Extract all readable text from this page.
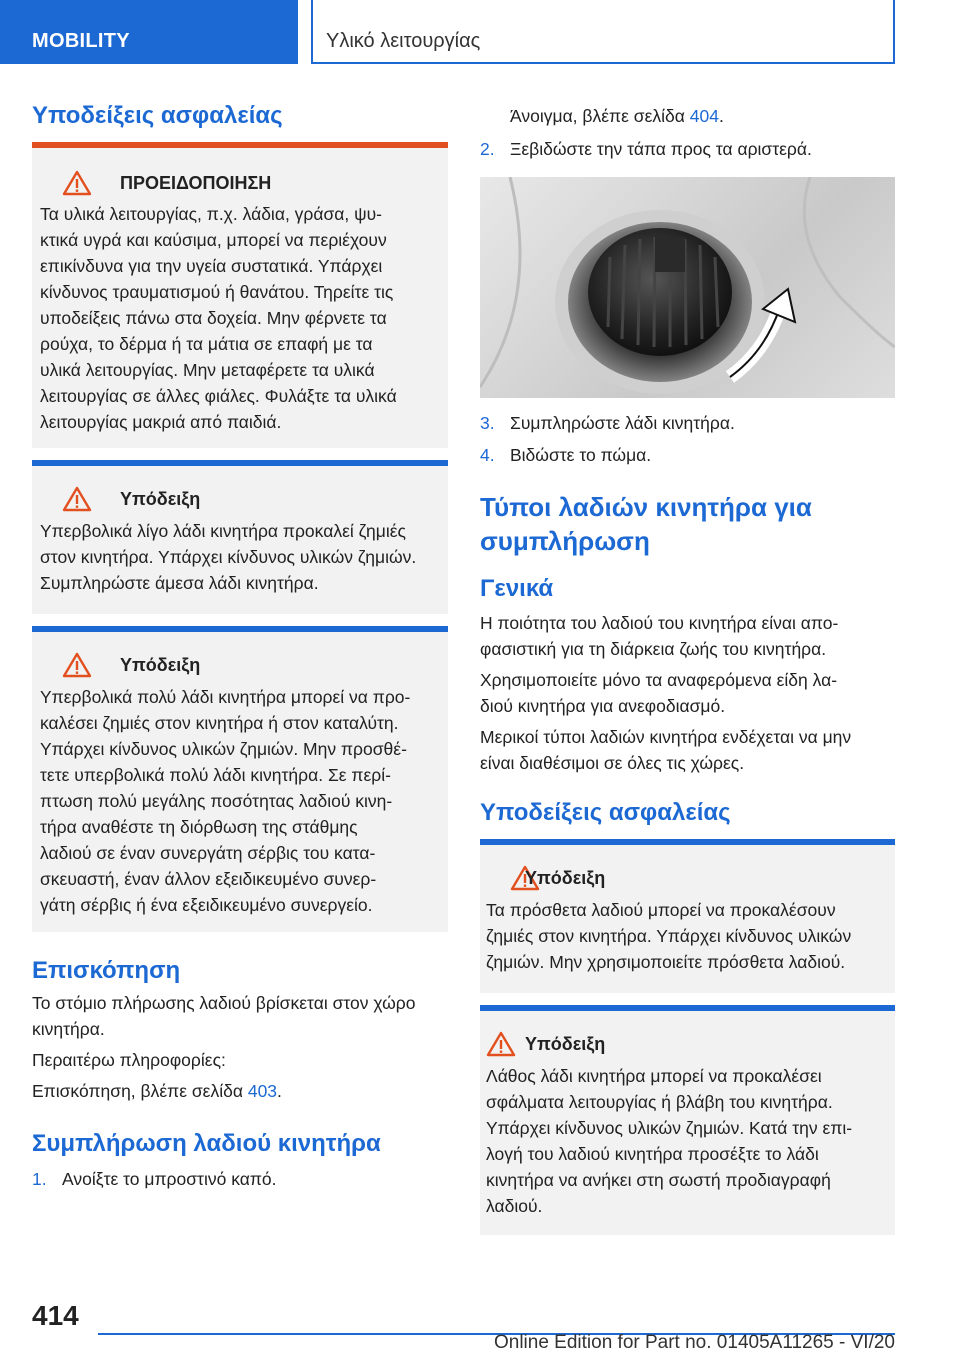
MOBILITY	Υλικό λειτουργίας
Υποδείξεις ασφαλείας
ΠΡΟΕΙΔΟΠΟΙΗΣΗ
Τα υλικά λειτουργίας, π.χ. λάδια, γράσα, ψυ-
κτικά υγρά και καύσιμα, μπορεί να περιέχουν
επικίνδυνα για την υγεία συστατικά. Υπάρχει
κίνδυνος τραυματισμού ή θανάτου. Τηρείτε τις
υποδείξεις πάνω στα δοχεία. Μην φέρνετε τα
ρούχα, το δέρμα ή τα μάτια σε επαφή με τα
υλικά λειτουργίας. Μην μεταφέρετε τα υλικά
λειτουργίας σε άλλες φιάλες. Φυλάξτε τα υλικά
λειτουργίας μακριά από παιδιά.
Υπόδειξη
Υπερβολικά λίγο λάδι κινητήρα προκαλεί ζημιές
στον κινητήρα. Υπάρχει κίνδυνος υλικών ζημιών.
Συμπληρώστε άμεσα λάδι κινητήρα.
Υπόδειξη
Υπερβολικά πολύ λάδι κινητήρα μπορεί να προ-
καλέσει ζημιές στον κινητήρα ή στον καταλύτη.
Υπάρχει κίνδυνος υλικών ζημιών. Μην προσθέ-
τετε υπερβολικά πολύ λάδι κινητήρα. Σε περί-
πτωση πολύ μεγάλης ποσότητας λαδιού κινη-
τήρα αναθέστε τη διόρθωση της στάθμης
λαδιού σε έναν συνεργάτη σέρβις του κατα-
σκευαστή, έναν άλλον εξειδικευμένο συνερ-
γάτη σέρβις ή ένα εξειδικευμένο συνεργείο.
Επισκόπηση
Το στόμιο πλήρωσης λαδιού βρίσκεται στον χώρο
κινητήρα.
Περαιτέρω πληροφορίες:
Επισκόπηση, βλέπε σελίδα 403.
Συμπλήρωση λαδιού κινητήρα
1. Ανοίξτε το μπροστινό καπό.
Άνοιγμα, βλέπε σελίδα 404.
2. Ξεβιδώστε την τάπα προς τα αριστερά.
3. Συμπληρώστε λάδι κινητήρα.
4. Βιδώστε το πώμα.
Τύποι λαδιών κινητήρα για
συμπλήρωση
Γενικά
Η ποιότητα του λαδιού του κινητήρα είναι απο-
φασιστική για τη διάρκεια ζωής του κινητήρα.
Χρησιμοποιείτε μόνο τα αναφερόμενα είδη λα-
διού κινητήρα για ανεφοδιασμό.
Μερικοί τύποι λαδιών κινητήρα ενδέχεται να μην
είναι διαθέσιμοι σε όλες τις χώρες.
Υποδείξεις ασφαλείας
Υπόδειξη
Τα πρόσθετα λαδιού μπορεί να προκαλέσουν
ζημιές στον κινητήρα. Υπάρχει κίνδυνος υλικών
ζημιών. Μην χρησιμοποιείτε πρόσθετα λαδιού.
Υπόδειξη
Λάθος λάδι κινητήρα μπορεί να προκαλέσει
σφάλματα λειτουργίας ή βλάβη του κινητήρα.
Υπάρχει κίνδυνος υλικών ζημιών. Κατά την επι-
λογή του λαδιού κινητήρα προσέξτε το λάδι
κινητήρα να ανήκει στη σωστή προδιαγραφή
λαδιού.
414
Online Edition for Part no. 01405A11265 - VI/20
